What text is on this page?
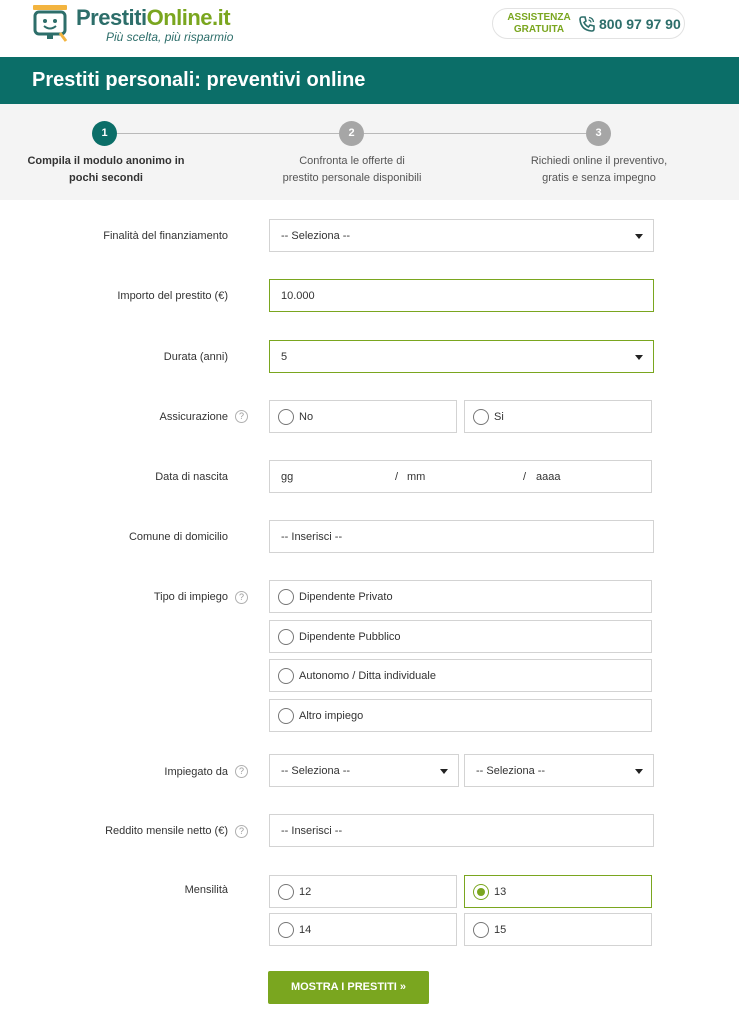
PrestitiOnline.it
Più scelta, più risparmio
ASSISTENZA
GRATUITA	800 97 97 90
Prestiti personali: preventivi online
1	2	3
Compila il modulo anonimo in
pochi secondi
Confronta le offerte di
prestito personale disponibili
Richiedi online il preventivo,
gratis e senza impegno
Finalità del finanziamento	-- Seleziona --
Importo del prestito (€)	10.000
Durata (anni)	5
Assicurazione	?	No	Si
Data di nascita	gg	/ mm	/ aaaa
Comune di domicilio	-- Inserisci --
Tipo di impiego	?	Dipendente Privato
Dipendente Pubblico
Autonomo / Ditta individuale
Altro impiego
Impiegato da	?	-- Seleziona --	-- Seleziona --
Reddito mensile netto (€)	?	-- Inserisci --
Mensilità	12	13
14	15
MOSTRA I PRESTITI »
